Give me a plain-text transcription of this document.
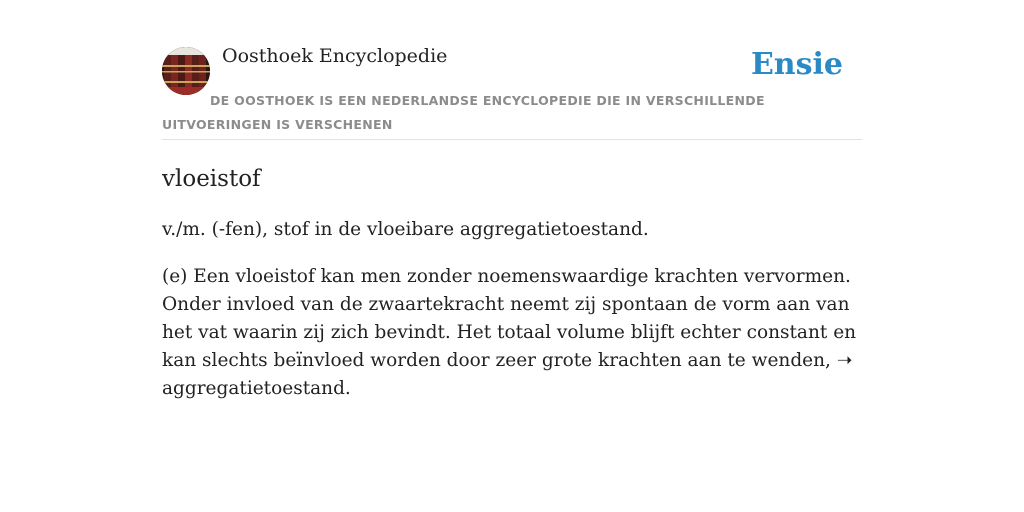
Oosthoek Encyclopedie	Ensie
DE OOSTHOEK IS EEN NEDERLANDSE ENCYCLOPEDIE DIE IN VERSCHILLENDE UITVOERINGEN IS VERSCHENEN
vloeistof

v./m. (-fen), stof in de vloeibare aggregatietoestand.

(e) Een vloeistof kan men zonder noemenswaardige krachten vervormen. Onder invloed van de zwaartekracht neemt zij spontaan de vorm aan van het vat waarin zij zich bevindt. Het totaal volume blijft echter constant en kan slechts beïnvloed worden door zeer grote krachten aan te wenden, ➝ aggregatietoestand.
